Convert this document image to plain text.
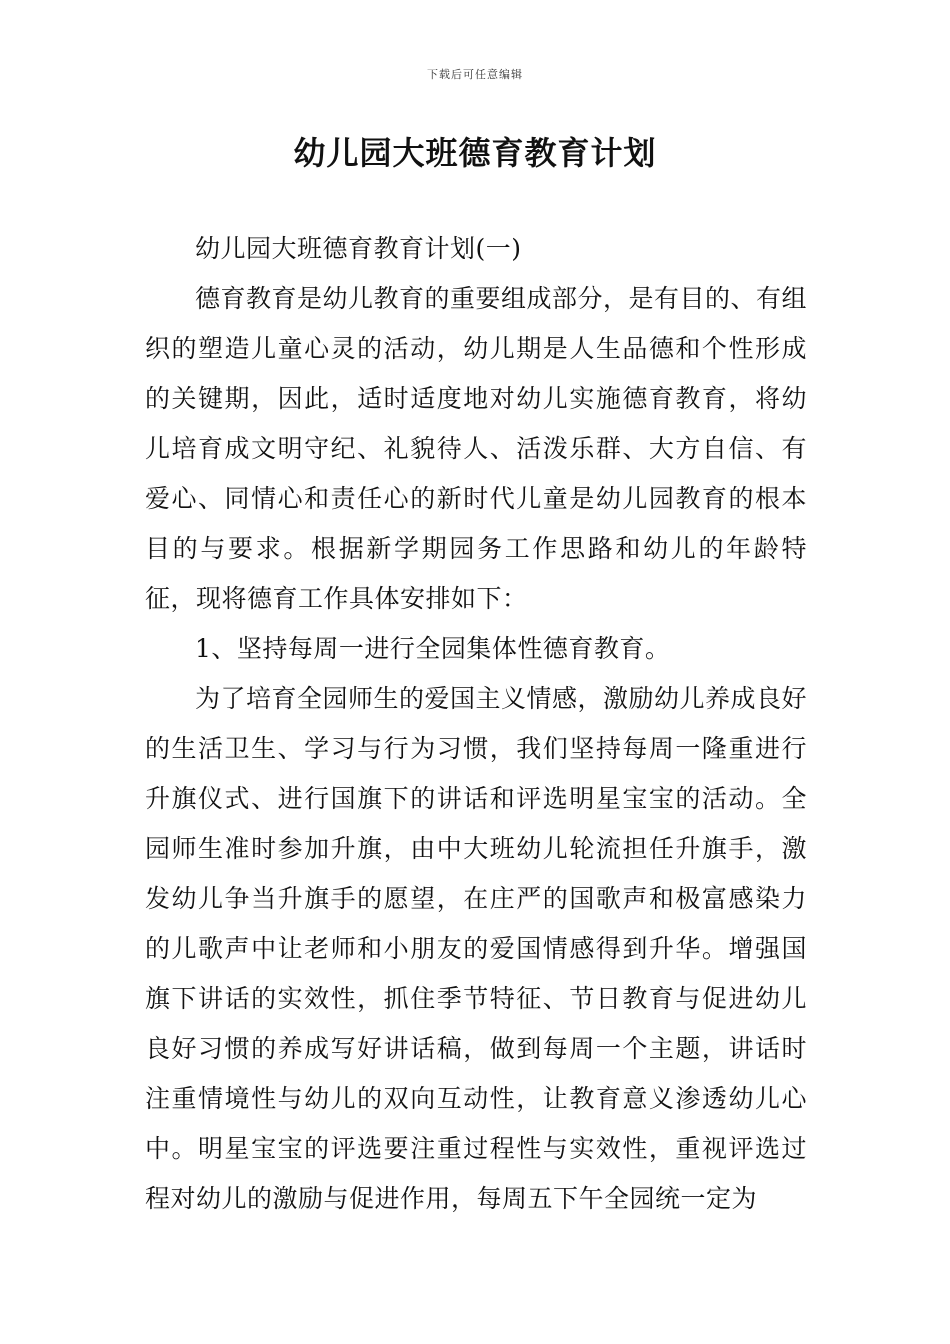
下载后可任意编辑
幼儿园大班德育教育计划

幼儿园大班德育教育计划(一)

德育教育是幼儿教育的重要组成部分，是有目的、有组织的塑造儿童心灵的活动，幼儿期是人生品德和个性形成的关键期，因此，适时适度地对幼儿实施德育教育，将幼儿培育成文明守纪、礼貌待人、活泼乐群、大方自信、有爱心、同情心和责任心的新时代儿童是幼儿园教育的根本目的与要求。根据新学期园务工作思路和幼儿的年龄特征，现将德育工作具体安排如下：

1、坚持每周一进行全园集体性德育教育。

为了培育全园师生的爱国主义情感，激励幼儿养成良好的生活卫生、学习与行为习惯，我们坚持每周一隆重进行升旗仪式、进行国旗下的讲话和评选明星宝宝的活动。全园师生准时参加升旗，由中大班幼儿轮流担任升旗手，激发幼儿争当升旗手的愿望，在庄严的国歌声和极富感染力的儿歌声中让老师和小朋友的爱国情感得到升华。增强国旗下讲话的实效性，抓住季节特征、节日教育与促进幼儿良好习惯的养成写好讲话稿，做到每周一个主题，讲话时注重情境性与幼儿的双向互动性，让教育意义渗透幼儿心中。明星宝宝的评选要注重过程性与实效性，重视评选过程对幼儿的激励与促进作用，每周五下午全园统一定为
